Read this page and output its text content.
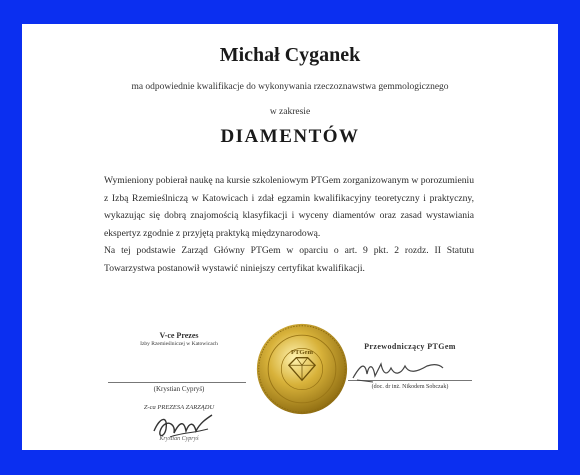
Michał Cyganek
ma odpowiednie kwalifikacje do wykonywania rzeczoznawstwa gemmologicznego
w zakresie
DIAMENTÓW

Wymieniony pobierał naukę na kursie szkoleniowym PTGem zorganizowanym w porozumieniu z Izbą Rzemieślniczą w Katowicach i zdał egzamin kwalifikacyjny teoretyczny i praktyczny, wykazując się dobrą znajomością klasyfikacji i wyceny diamentów oraz zasad wystawiania ekspertyz zgodnie z przyjętą praktyką międzynarodową.

Na tej podstawie Zarząd Główny PTGem w oparciu o art. 9 pkt. 2 rozdz. II Statutu Towarzystwa postanowił wystawić niniejszy certyfikat kwalifikacji.

V-ce Prezes
Izby Rzemieślniczej w Katowicach
(Krystian Cypryś)
Z-ca PREZESA ZARZĄDU
Krystian Cypryś
Przewodniczący PTGem
(doc. dr inż. Nikodem Sobczak)
PTGem
